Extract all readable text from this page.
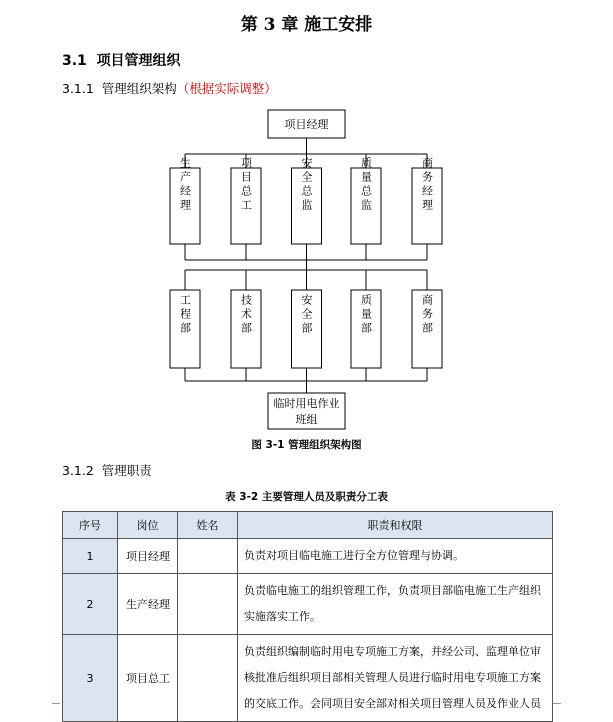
第 3 章 施工安排
3.1 项目管理组织
3.1.1 管理组织架构（根据实际调整）
项目经理
生产经理	项目总工	安全总监	质量总监	商务经理
工程部	技术部	安全部	质量部	商务部
临时用电作业
班组
图 3-1 管理组织架构图
3.1.2 管理职责
表 3-2 主要管理人员及职责分工表
序号	岗位	姓名	职责和权限
1	项目经理		负责对项目临电施工进行全方位管理与协调。

2	生产经理		负责临电施工的组织管理工作，负责项目部临电施工生产组织
实施落实工作。

3	项目总工		负责组织编制临时用电专项施工方案，并经公司、监理单位审
核批准后组织项目部相关管理人员进行临时用电专项施工方案
的交底工作。会同项目安全部对相关项目管理人员及作业人员
